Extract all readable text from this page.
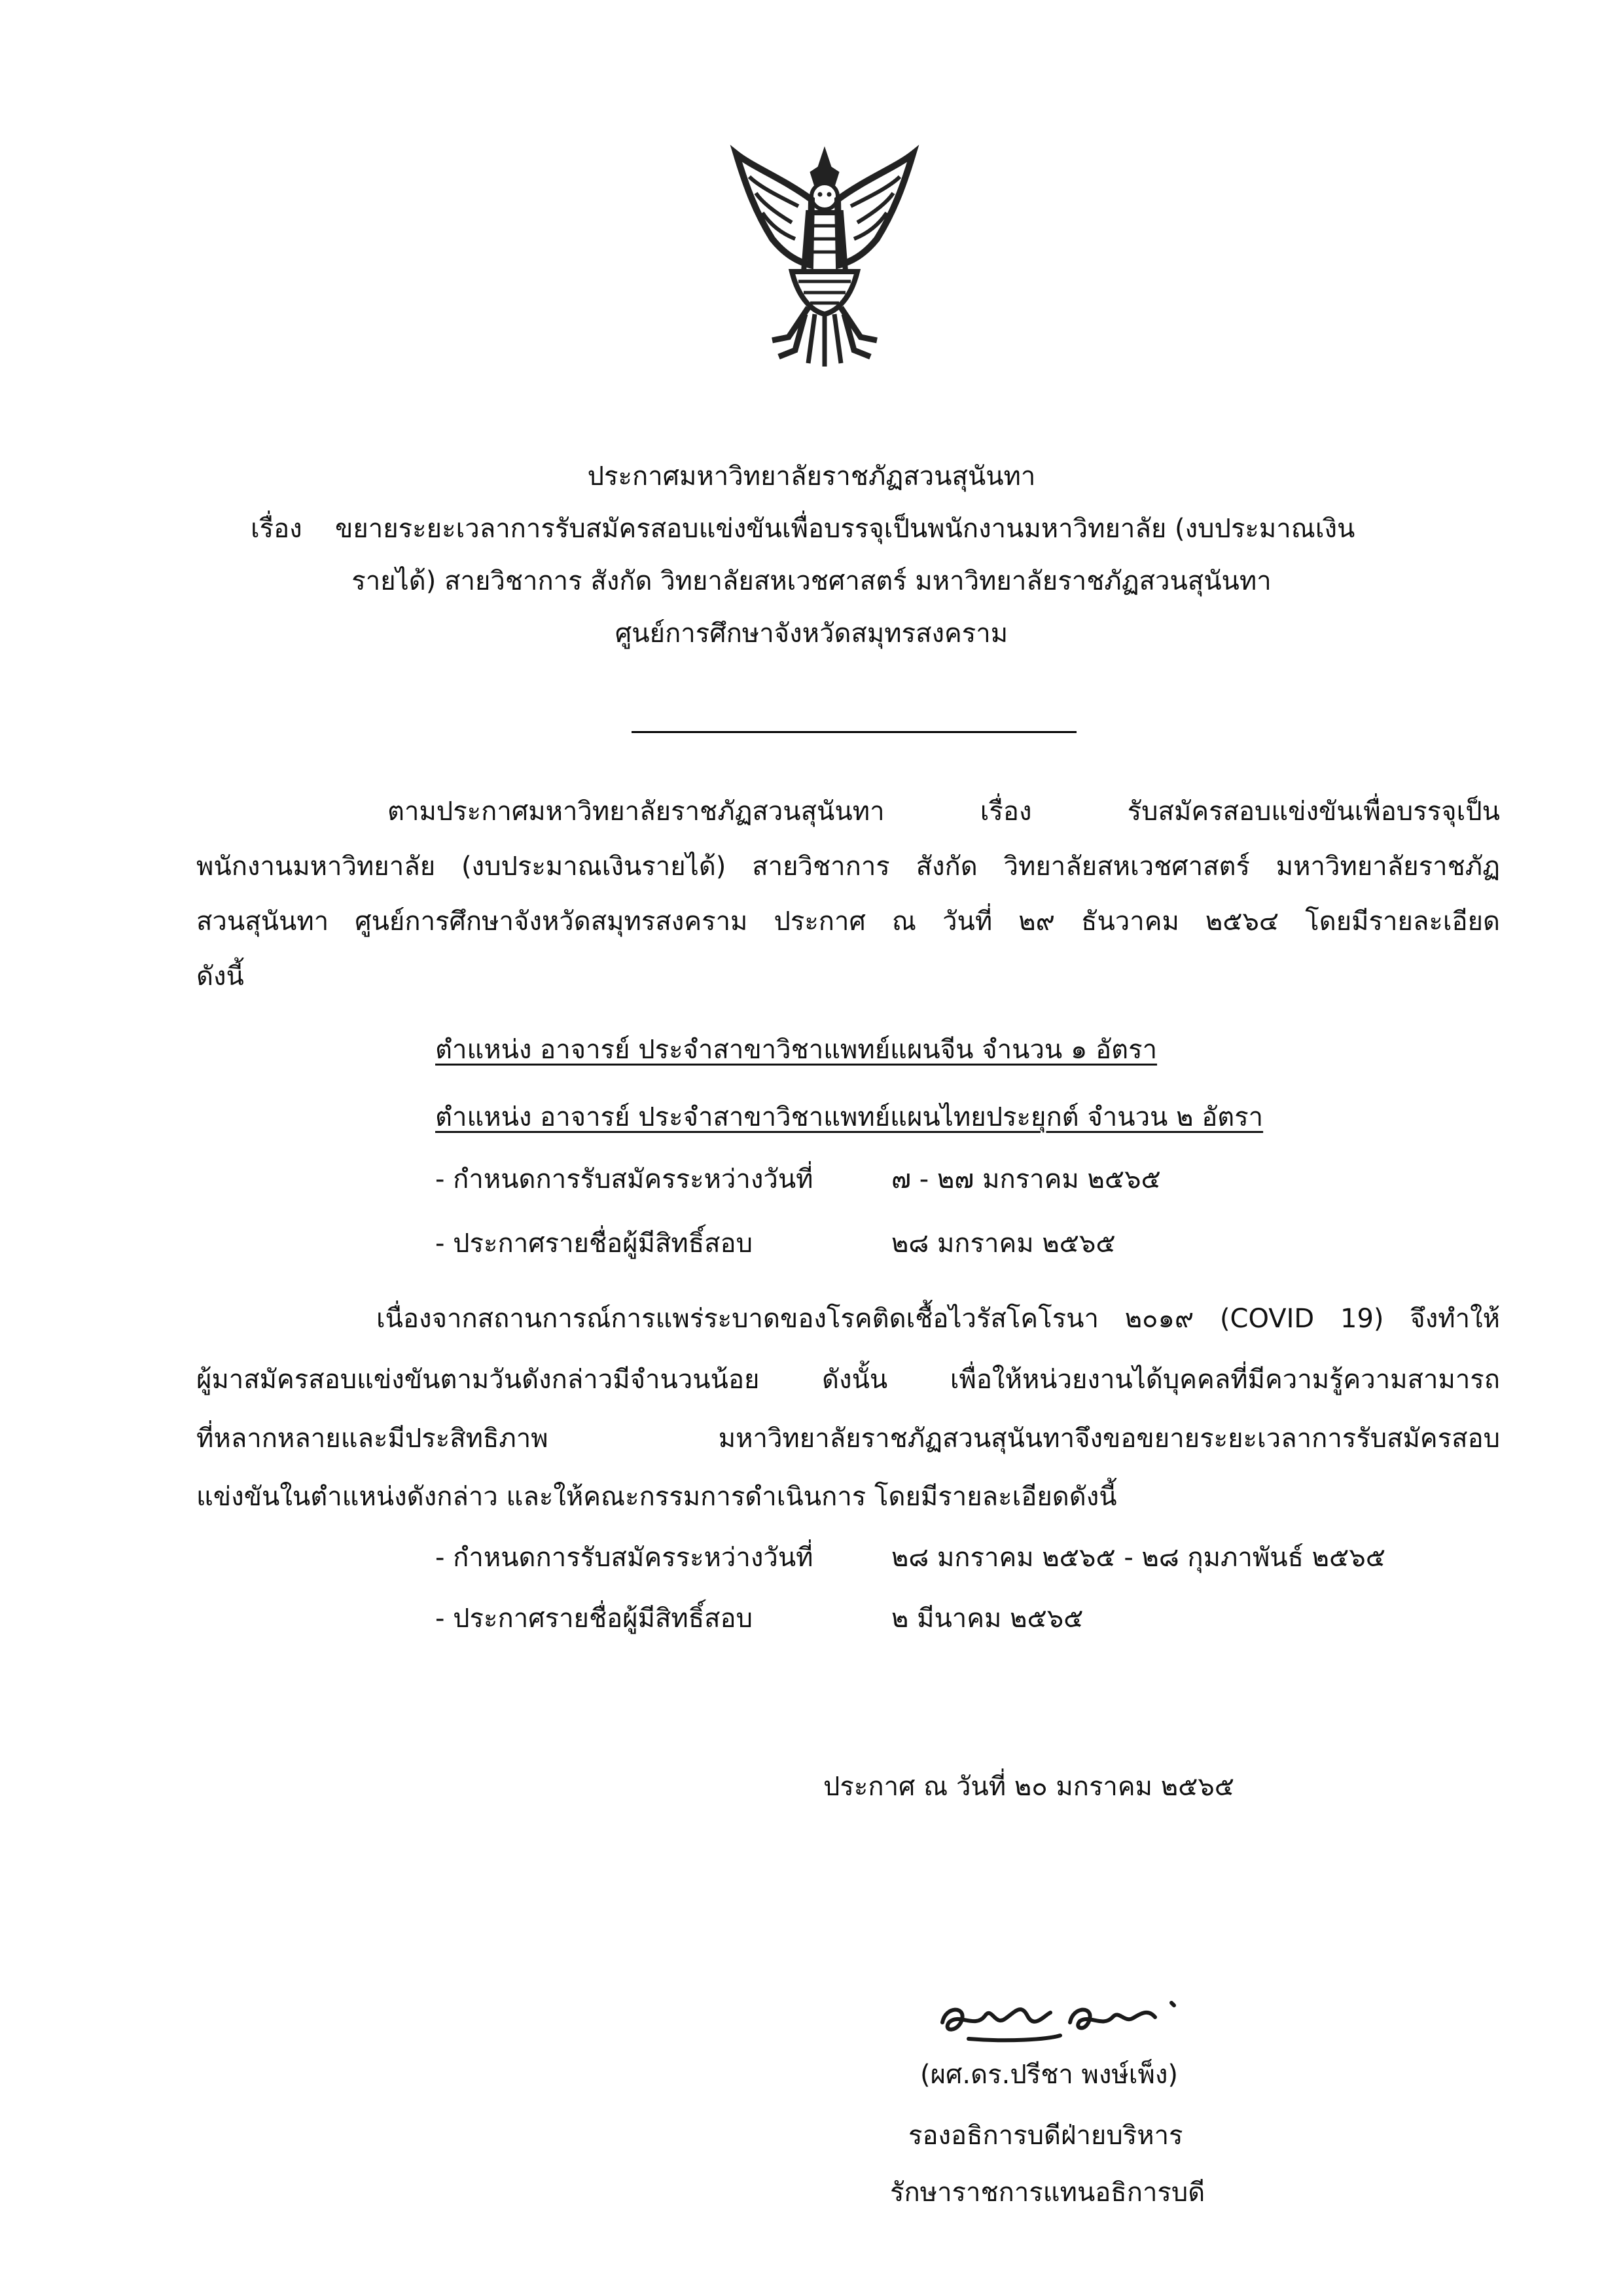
ประกาศมหาวิทยาลัยราชภัฏสวนสุนันทา
เรื่อง ขยายระยะเวลาการรับสมัครสอบแข่งขันเพื่อบรรจุเป็นพนักงานมหาวิทยาลัย (งบประมาณเงิน
รายได้) สายวิชาการ สังกัด วิทยาลัยสหเวชศาสตร์ มหาวิทยาลัยราชภัฏสวนสุนันทา
ศูนย์การศึกษาจังหวัดสมุทรสงคราม
ตามประกาศมหาวิทยาลัยราชภัฏสวนสุนันทา เรื่อง รับสมัครสอบแข่งขันเพื่อบรรจุเป็น
พนักงานมหาวิทยาลัย (งบประมาณเงินรายได้) สายวิชาการ สังกัด วิทยาลัยสหเวชศาสตร์ มหาวิทยาลัยราชภัฏ
สวนสุนันทา ศูนย์การศึกษาจังหวัดสมุทรสงคราม ประกาศ ณ วันที่ ๒๙ ธันวาคม ๒๕๖๔ โดยมีรายละเอียด
ดังนี้
ตำแหน่ง อาจารย์ ประจำสาขาวิชาแพทย์แผนจีน จำนวน ๑ อัตรา
ตำแหน่ง อาจารย์ ประจำสาขาวิชาแพทย์แผนไทยประยุกต์ จำนวน ๒ อัตรา
- กำหนดการรับสมัครระหว่างวันที่	๗ - ๒๗ มกราคม ๒๕๖๕
- ประกาศรายชื่อผู้มีสิทธิ์สอบ	๒๘ มกราคม ๒๕๖๕
เนื่องจากสถานการณ์การแพร่ระบาดของโรคติดเชื้อไวรัสโคโรนา ๒๐๑๙ (COVID 19) จึงทำให้
ผู้มาสมัครสอบแข่งขันตามวันดังกล่าวมีจำนวนน้อย ดังนั้น เพื่อให้หน่วยงานได้บุคคลที่มีความรู้ความสามารถ
ที่หลากหลายและมีประสิทธิภาพ มหาวิทยาลัยราชภัฏสวนสุนันทาจึงขอขยายระยะเวลาการรับสมัครสอบ
แข่งขันในตำแหน่งดังกล่าว และให้คณะกรรมการดำเนินการ โดยมีรายละเอียดดังนี้
- กำหนดการรับสมัครระหว่างวันที่	๒๘ มกราคม ๒๕๖๕ - ๒๘ กุมภาพันธ์ ๒๕๖๕
- ประกาศรายชื่อผู้มีสิทธิ์สอบ	๒ มีนาคม ๒๕๖๕
ประกาศ ณ วันที่ ๒๐ มกราคม ๒๕๖๕
(ผศ.ดร.ปรีชา พงษ์เพ็ง)
รองอธิการบดีฝ่ายบริหาร
รักษาราชการแทนอธิการบดี
